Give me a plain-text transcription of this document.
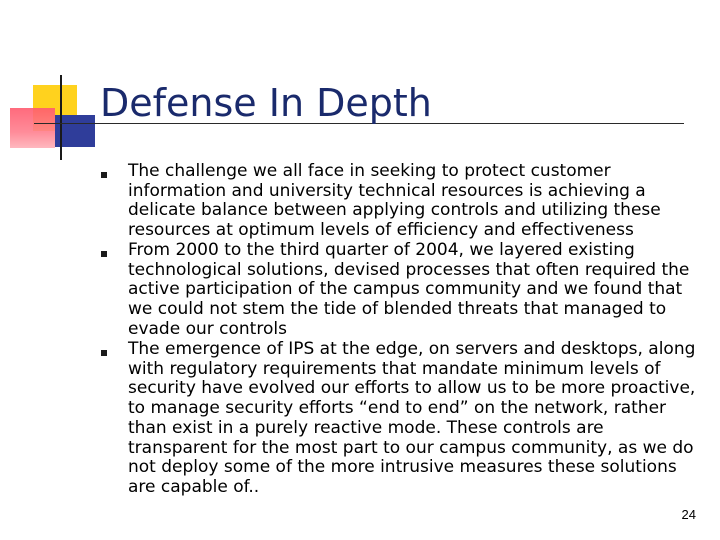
Defense In Depth

The challenge we all face in seeking to protect customer information and university technical resources is achieving a delicate balance between applying controls and utilizing these resources at optimum levels of efficiency and effectiveness

From 2000 to the third quarter of 2004, we layered existing technological solutions, devised processes that often required the active participation of the campus community and we found that we could not stem the tide of blended threats that managed to evade our controls

The emergence of IPS at the edge, on servers and desktops, along with regulatory requirements that mandate minimum levels of security have evolved our efforts to allow us to be more proactive, to manage security efforts “end to end” on the network, rather than exist in a purely reactive mode. These controls are transparent for the most part to our campus community, as we do not deploy some of the more intrusive measures these solutions are capable of..

24
